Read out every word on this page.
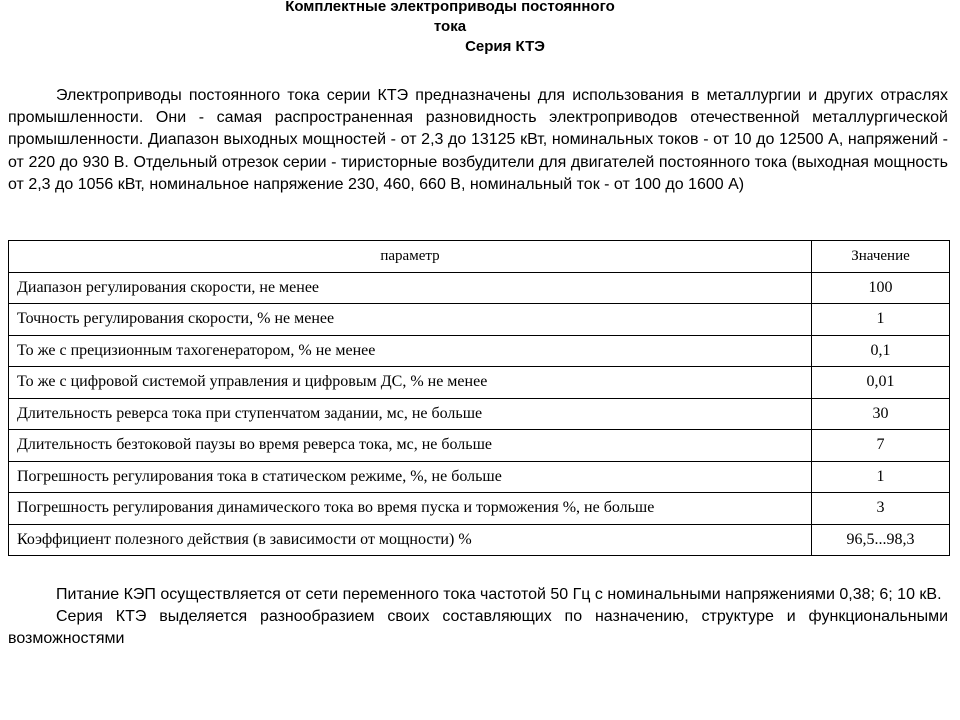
Комплектные электроприводы постоянного
тока
Серия КТЭ
Электроприводы постоянного тока серии КТЭ предназначены для использования в металлургии и других отраслях промышленности. Они - самая распространенная разновидность электроприводов отечественной металлургической промышленности. Диапазон выходных мощностей - от 2,3 до 13125 кВт, номинальных токов - от 10 до 12500 А, напряжений - от 220 до 930 В. Отдельный отрезок серии - тиристорные возбудители для двигателей постоянного тока (выходная мощность от 2,3 до 1056 кВт, номинальное напряжение 230, 460, 660 В, номинальный ток - от 100 до 1600 А)
параметр	Значение
Диапазон регулирования скорости, не менее	100
Точность регулирования скорости, % не менее	1
То же с прецизионным тахогенератором, % не менее	0,1
То же с цифровой системой управления и цифровым ДС, % не менее	0,01
Длительность реверса тока при ступенчатом задании, мс, не больше	30
Длительность безтоковой паузы во время реверса тока, мс, не больше	7
Погрешность регулирования тока в статическом режиме, %, не больше	1
Погрешность регулирования динамического тока во время пуска и торможения %, не больше	3
Коэффициент полезного действия (в зависимости от мощности) %	96,5...98,3

Питание КЭП осуществляется от сети переменного тока частотой 50 Гц с номинальными напряжениями 0,38; 6; 10 кВ.

Серия КТЭ выделяется разнообразием своих составляющих по назначению, структуре и функциональными возможностями
